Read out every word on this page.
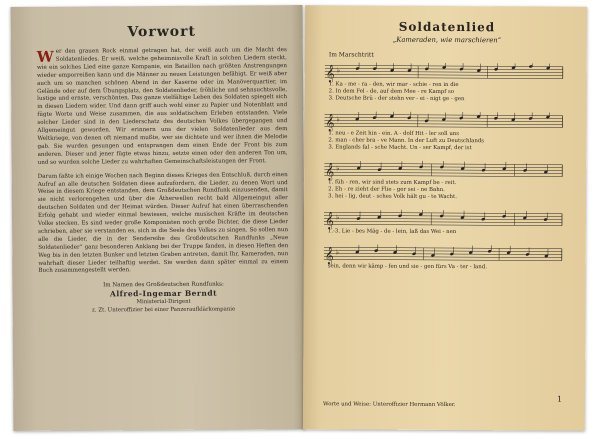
Vorwort

Wer den grauen Rock einmal getragen hat, der weiß auch um die Macht des Soldatenliedes. Er weiß, welche geheimnisvolle Kraft in solchen Liedern steckt, wie ein solches Lied eine ganze Kompanie, ein Bataillon nach größten Anstrengungen wieder emporreißen kann und die Männer zu neuen Leistungen befähigt. Er weiß aber auch um so manchen schönen Abend in der Kaserne oder im Manöverquartier, im Gelände oder auf dem Übungsplatz, den Soldatenlieder, fröhliche und sehnsuchtsvolle, lustige und ernste, verschönten. Das ganze vielfältige Leben des Soldaten spiegelt sich in diesen Liedern wider. Und dann griff auch wohl einer zu Papier und Notenblatt und fügte Worte und Weise zusammen, die aus soldatischem Erleben entstanden. Viele solcher Lieder sind in den Liederschatz des deutschen Volkes übergegangen und Allgemeingut geworden. Wir erinnern uns der vielen Soldatenlieder aus dem Weltkriege, von denen oft niemand mußte, wer sie dichtete und wer ihnen die Melodie gab. Sie wurden gesungen und entsprangen dem einen Ende der Front bis zum anderen. Dieser und jener fügte etwas hinzu, setzte einen oder den anderen Ton um, und so wurden solche Lieder zu wahrhaften Gemeinschaftsleistungen der Front.

Darum faßte ich einige Wochen nach Beginn dieses Krieges den Entschluß, durch einen Aufruf an alle deutschen Soldaten diese aufzufordern, die Lieder, zu denen Wort und Weise in diesem Kriege entstanden, dem Großdeutschen Rundfunk einzusenden, damit sie nicht verlorengehen und über die Ätherwellen recht bald Allgemeingut aller deutschen Soldaten und der Heimat würden. Dieser Aufruf hat einen überraschenden Erfolg gehabt und wieder einmal bewiesen, welche musischen Kräfte im deutschen Volke stecken. Es sind weder große Komponisten noch große Dichter, die diese Lieder schrieben, aber sie verstanden es, sich in die Seele des Volkes zu singen. So sollen nun alle die Lieder, die in der Sendereihe des Großdeutschen Rundfunks „Neue Soldatenlieder“ ganz besonderen Anklang bei der Truppe fanden, in diesen Heften den Weg bis in den letzten Bunker und letzten Graben antreten, damit Ihr, Kameraden, nun wahrhaft dieser Lieder teilhaftig werdet. Sie werden dann später einmal zu einem Buch zusammengestellt werden.

Im Namen des Großdeutschen Rundfunks:
Alfred-Ingemar Berndt
Ministerial-Dirigent
z. Zt. Unteroffizier bei einer Panzeraufklärkompanie
Soldatenlied
„Kameraden, wie marschieren“
Im Marschtritt
𝄞 ♭
1. Ka - me - ra - den, wir mar - schie - ren in die
2. In dem Fel - de, auf dem Mee - re Kampf so
3. Deutsche Brü - der stehn ver - ei - nigt ge - gen
𝄞 ♭
1. neu - e Zeit hin - ein. A - dolf Hit - ler soll uns
2. man - cher bra - ve Mann. In der Luft zu Deutschlands
3. Englands fal - sche Macht. Un - ser Kampf, der ist
𝄞 ♭
1. füh - ren, wir sind stets zum Kampf be - reit.
2. Eh - re zieht der Flie - ger sei - ne Bahn.
3. hei - lig, deut - sches Volk hält gu - te Wacht.
𝄞 ♭
1.-3. Lie - bes Mäg - de - lein, laß das Wei - nen
𝄞 ♭
sein, denn wir kämp - fen und sie - gen fürs Va - ter - land.
Worte und Weise: Unteroffizier Hermann Völker.
1
